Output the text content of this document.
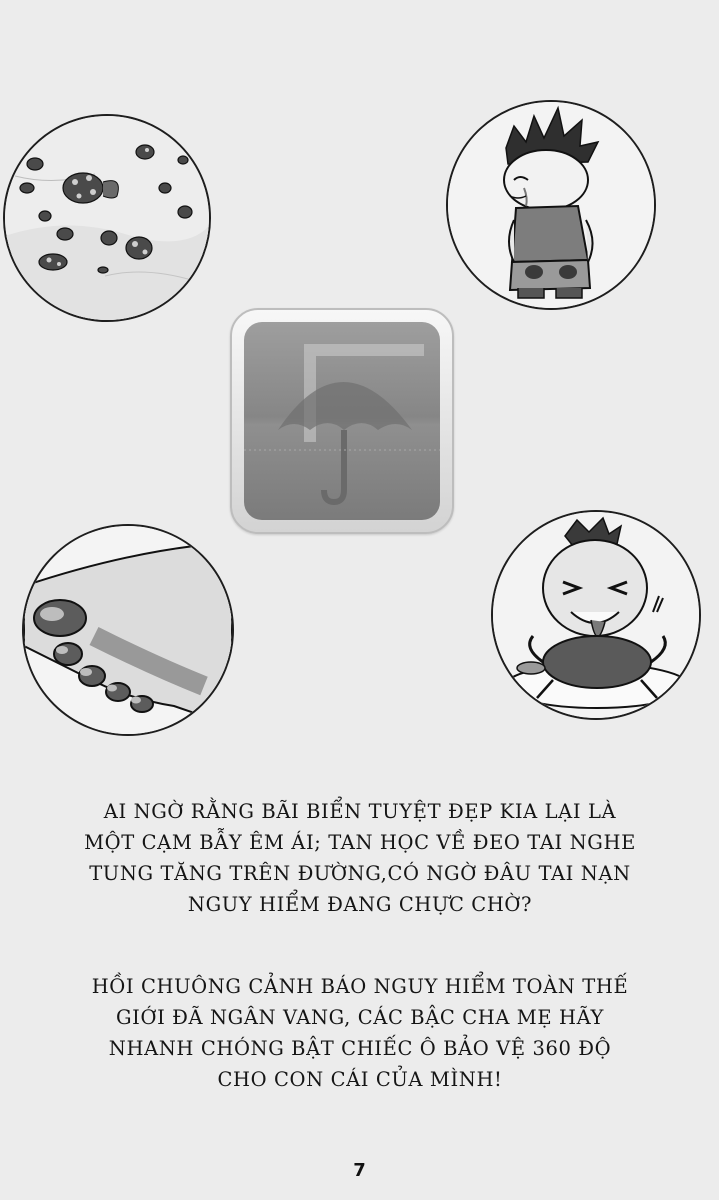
AI NGỜ RẰNG BÃI BIỂN TUYỆT ĐẸP KIA LẠI LÀ

MỘT CẠM BẪY ÊM ÁI; TAN HỌC VỀ ĐEO TAI NGHE

TUNG TĂNG TRÊN ĐƯỜNG,CÓ NGỜ ĐÂU TAI NẠN

NGUY HIỂM ĐANG CHỰC CHỜ?

HỒI CHUÔNG CẢNH BÁO NGUY HIỂM TOÀN THẾ

GIỚI ĐÃ NGÂN VANG, CÁC BẬC CHA MẸ HÃY

NHANH CHÓNG BẬT CHIẾC Ô BẢO VỆ 360 ĐỘ

CHO CON CÁI CỦA MÌNH!

7
